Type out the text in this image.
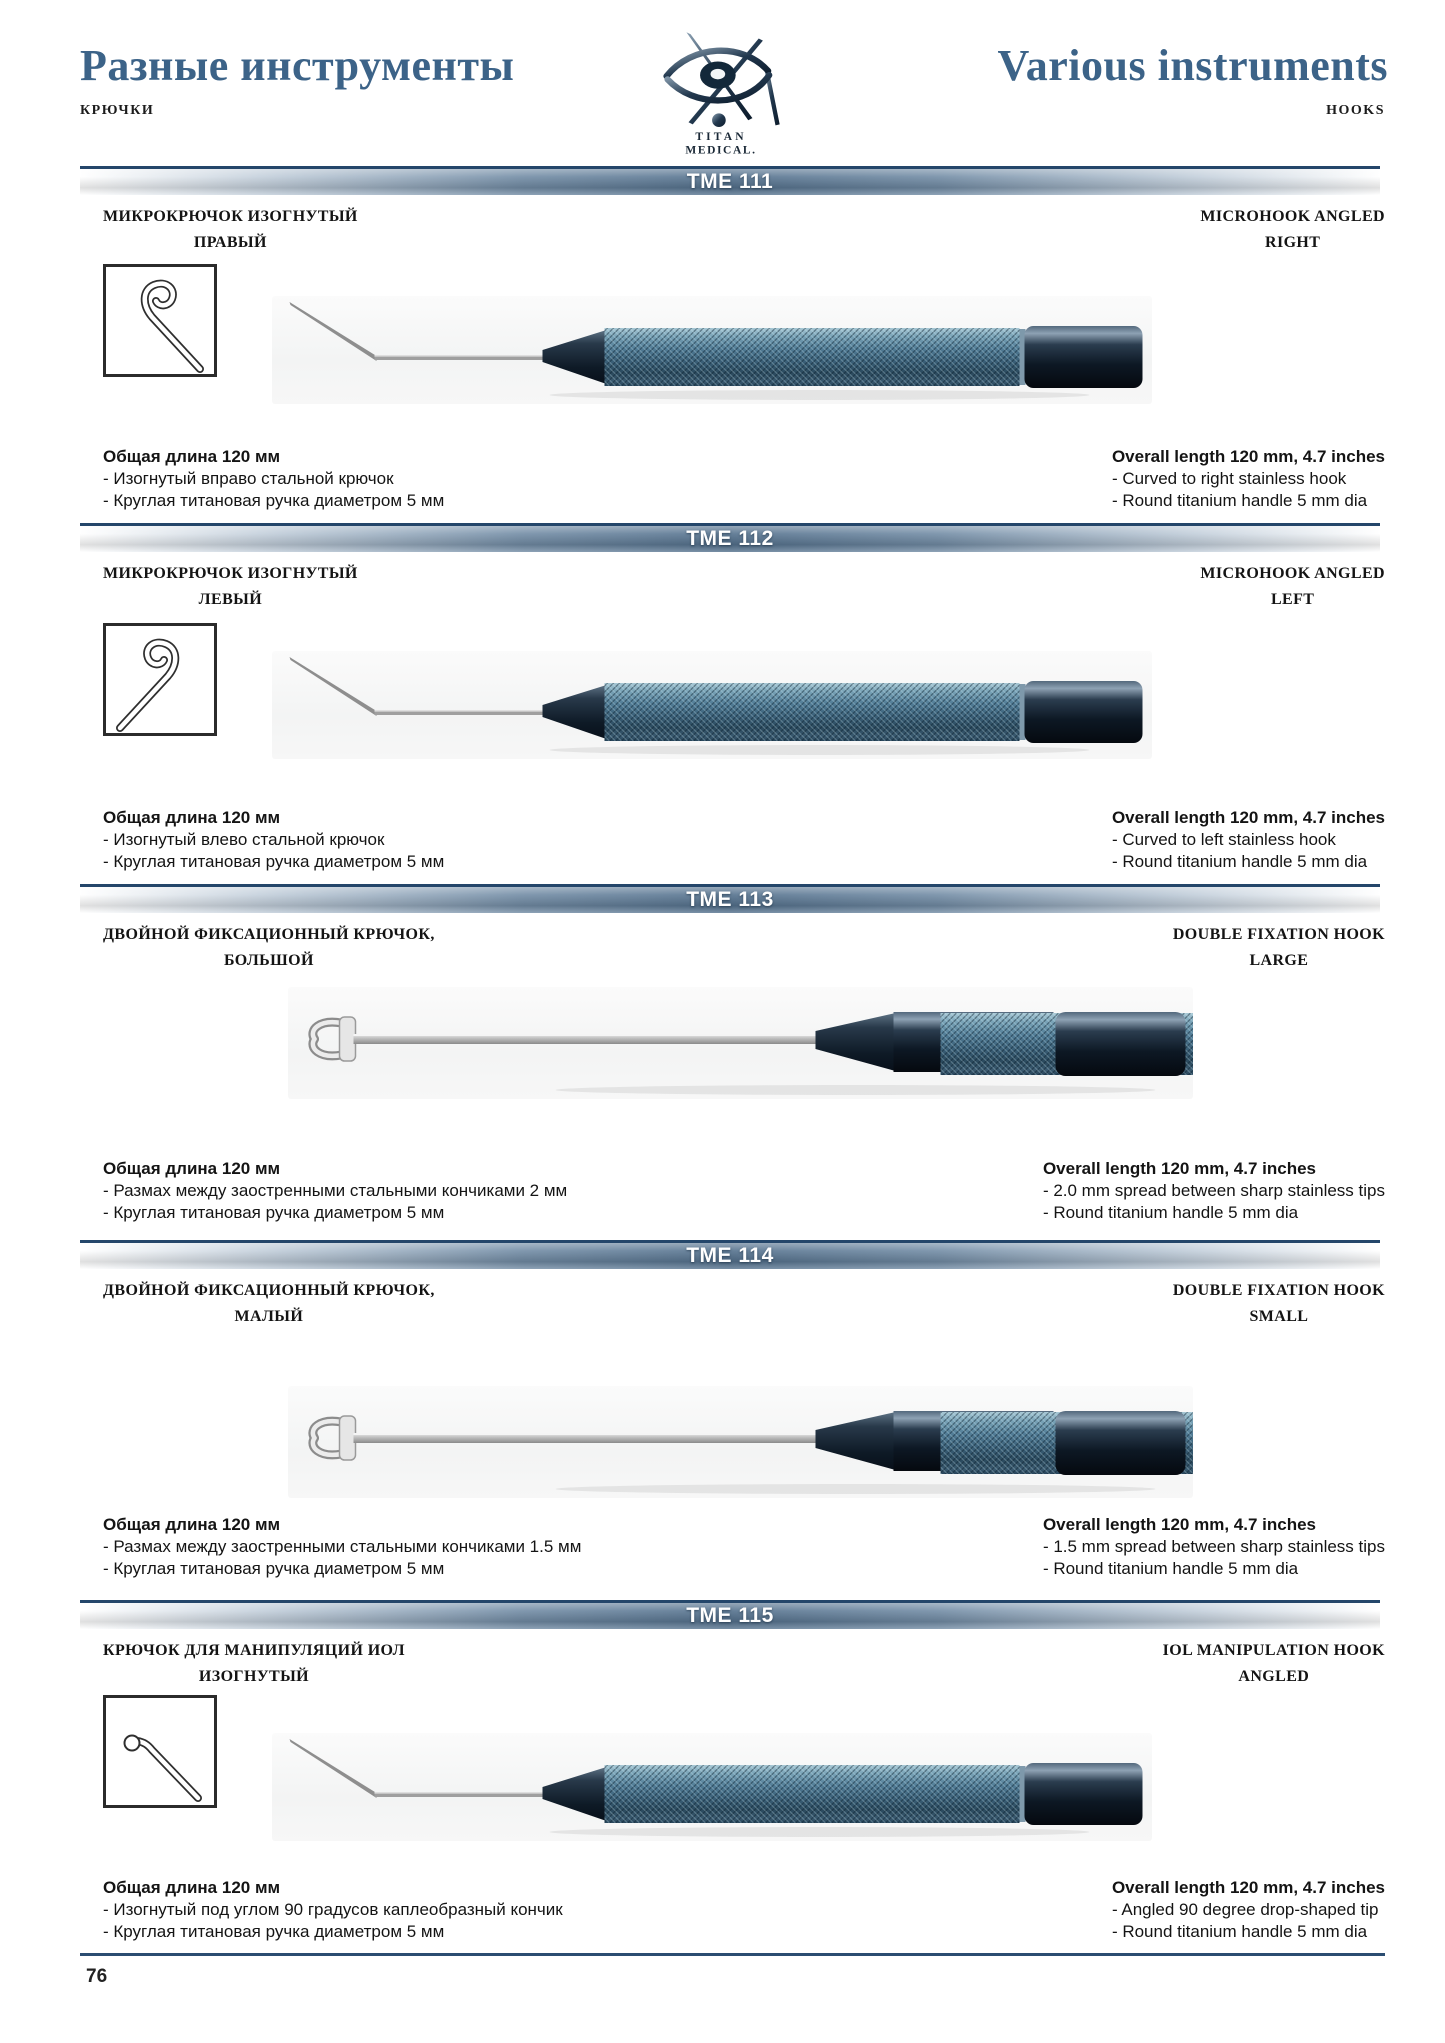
Разные инструменты	Various instruments
КРЮЧКИ	HOOKS
TITAN
MEDICAL.
TME 111
МИКРОКРЮЧОК ИЗОГНУТЫЙ
ПРАВЫЙ
MICROHOOK ANGLED
RIGHT
Общая длина 120 мм
- Изогнутый вправо стальной крючок
- Круглая титановая ручка диаметром 5 мм
Overall length 120 mm, 4.7 inches
- Curved to right stainless hook
- Round titanium handle 5 mm dia
TME 112
МИКРОКРЮЧОК ИЗОГНУТЫЙ
ЛЕВЫЙ
MICROHOOK ANGLED
LEFT
Общая длина 120 мм
- Изогнутый влево стальной крючок
- Круглая титановая ручка диаметром 5 мм
Overall length 120 mm, 4.7 inches
- Curved to left stainless hook
- Round titanium handle 5 mm dia
TME 113
ДВОЙНОЙ ФИКСАЦИОННЫЙ КРЮЧОК,
БОЛЬШОЙ
DOUBLE FIXATION HOOK
LARGE
Общая длина 120 мм
- Размах между заостренными стальными кончиками 2 мм
- Круглая титановая ручка диаметром 5 мм
Overall length 120 mm, 4.7 inches
- 2.0 mm spread between sharp stainless tips
- Round titanium handle 5 mm dia
TME 114
ДВОЙНОЙ ФИКСАЦИОННЫЙ КРЮЧОК,
МАЛЫЙ
DOUBLE FIXATION HOOK
SMALL
Общая длина 120 мм
- Размах между заостренными стальными кончиками 1.5 мм
- Круглая титановая ручка диаметром 5 мм
Overall length 120 mm, 4.7 inches
- 1.5 mm spread between sharp stainless tips
- Round titanium handle 5 mm dia
TME 115
КРЮЧОК ДЛЯ МАНИПУЛЯЦИЙ ИОЛ
ИЗОГНУТЫЙ
IOL MANIPULATION HOOK
ANGLED
Общая длина 120 мм
- Изогнутый под углом 90 градусов каплеобразный кончик
- Круглая титановая ручка диаметром 5 мм
Overall length 120 mm, 4.7 inches
- Angled 90 degree drop-shaped tip
- Round titanium handle 5 mm dia
76
